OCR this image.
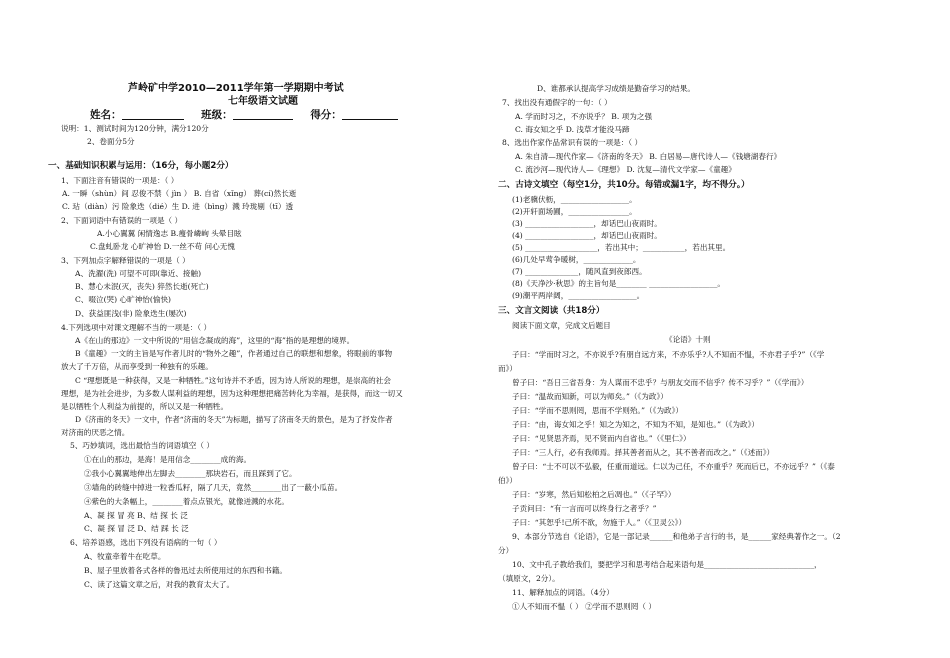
芦岭矿中学2010—2011学年第一学期期中考试
七年级语文试题
姓名：	班级：	得分：
说明：1、测试时间为120分钟，满分120分
2、卷面分5分
一、基础知识积累与运用：（16分，每小题2分）
1、下面注音有错误的一项是：（ ）
A. 一瞬（shùn）间 忍俊不禁（ jìn ） B. 自省（xǐng） 葬(cí)然长逝
C. 玷（diàn）污 险象迭（dié）生 D. 进（bìng）溅 玲珑剔（tī）透
2、下面词语中有错误的一项是（ ）
A.小心翼翼 闲情逸志 B.瘦骨嶙峋 头晕目眩
C.盘虬卧龙 心旷神怡 D.一丝不苟 问心无愧
3、下列加点字解释错误的一项是（ ）
A、洗濯(洗) 可望不可即(靠近、接触)
B、慧心未泯(灭，丧失) 猝然长逝(死亡)
C、啜泣(哭) 心旷神怡(愉快)
D、获益匪浅(非) 险象迭生(屡次)
4.下列选项中对课文理解不当的一项是：（ ）
A《在山的那边》一文中所说的“用信念凝成的海”，这里的“海”指的是理想的境界。
B《童趣》一文的主旨是写作者儿时的“物外之趣”，作者通过自己的联想和想象，将眼前的事物
放大了千万倍，从而享受到一种独有的乐趣。
C “理想既是一种获得，又是一种牺牲。”这句诗并不矛盾，因为诗人所说的理想，是崇高的社会
理想，是为社会进步，为多数人谋利益的理想，因为这种理想把痛苦转化为幸福，是获得，而这一切又
是以牺牲个人利益为前提的，所以又是一种牺牲。
D《济南的冬天》一文中，作者“济南的冬天”为标题，描写了济南冬天的景色，是为了抒发作者
对济南的厌恶之情。
5、巧妙填词，选出最恰当的词语填空（ ）
①在山的那边，是海！是用信念________成的海。
②我小心翼翼地伸出左脚去________那块岩石，而且踩到了它。
③墙角的砖缝中掉进一粒香瓜籽，隔了几天，竟然________出了一蔽小瓜苗。
④紫色的大条幅上，________着点点银光，就像迸溅的水花。
A、凝 探 冒 亮 B、结 探 长 泛
C、凝 探 冒 泛 D、结 踩 长 泛
6、培养语感，选出下列没有语病的一句（ ）
A、牧童牵着牛在吃草。
B、屋子里放着各式各样的鲁迅过去所使用过的东西和书籍。
C、读了这篇文章之后，对我的教育太大了。
D、谁都承认提高学习成绩是勤奋学习的结果。
7、找出没有通假字的一句：（ ）
A. 学而时习之，不亦说乎？ B. 项为之强
C. 诲女知之乎 D. 浅草才能没马蹄
8、选出作家作品常识有误的一项是：（ ）
A. 朱自清—现代作家—《济南的冬天》 B. 白居易—唐代诗人—《钱塘湖春行》
C. 流沙河—现代诗人—《理想》 D. 沈复—清代文学家—《童趣》
二、古诗文填空（每空1分，共10分。每错或漏1字，均不得分。）
(1)老骥伏枥，__________________。
(2)开轩面场圃，________________。
(3) __________________，却话巴山夜雨时。
(4) __________________，却话巴山夜雨时。
(5) ___________________，若出其中；___________，若出其里。
(6)几处早莺争暖树，_____________。
(7) ______________，随风直到夜郎西。
(8)《天净沙·秋思》的主旨句是________ __________________。
(9)潮平两岸阔，__________________。
三、文言文阅读（共18分）
阅读下面文章，完成文后题目
《论语》十则
子曰：“学而时习之，不亦说乎?有朋自远方来，不亦乐乎?人不知而不愠，不亦君子乎?”（《学
而》）
曾子曰：“吾日三省吾身：为人谋而不忠乎？与朋友交而不信乎？传不习乎？”（《学而》）
子曰：“温故而知新，可以为师矣。”（《为政》）
子曰：“学而不思则罔，思而不学则殆。”（《为政》）
子曰：“由，诲女知之乎！知之为知之，不知为不知，是知也。”（《为政》）
子曰：“见贤思齐焉，见不贤而内自省也。”（《里仁》）
子曰：“三人行，必有我师焉。择其善者而从之，其不善者而改之。”（《述而》）
曾子曰：“士不可以不弘毅，任重而道远。仁以为己任，不亦重乎？死而后已，不亦远乎？”（《泰
伯》）
子曰：“岁寒，然后知松柏之后凋也。”（《子罕》）
子贡问曰：“有一言而可以终身行之者乎？”
子曰：“其恕乎!己所不欲，勿施于人。”（《卫灵公》）
9、本部分节选自《论语》，它是一部记录______和他弟子言行的书，是______家经典著作之一。（2
分）
10、文中孔子教给我们，要把学习和思考结合起来语句是_____________________________，
（填原文，2分）。
11、解释加点的词语。（4分）
①人不知而不愠（ ） ②学而不思则罔（ ）
